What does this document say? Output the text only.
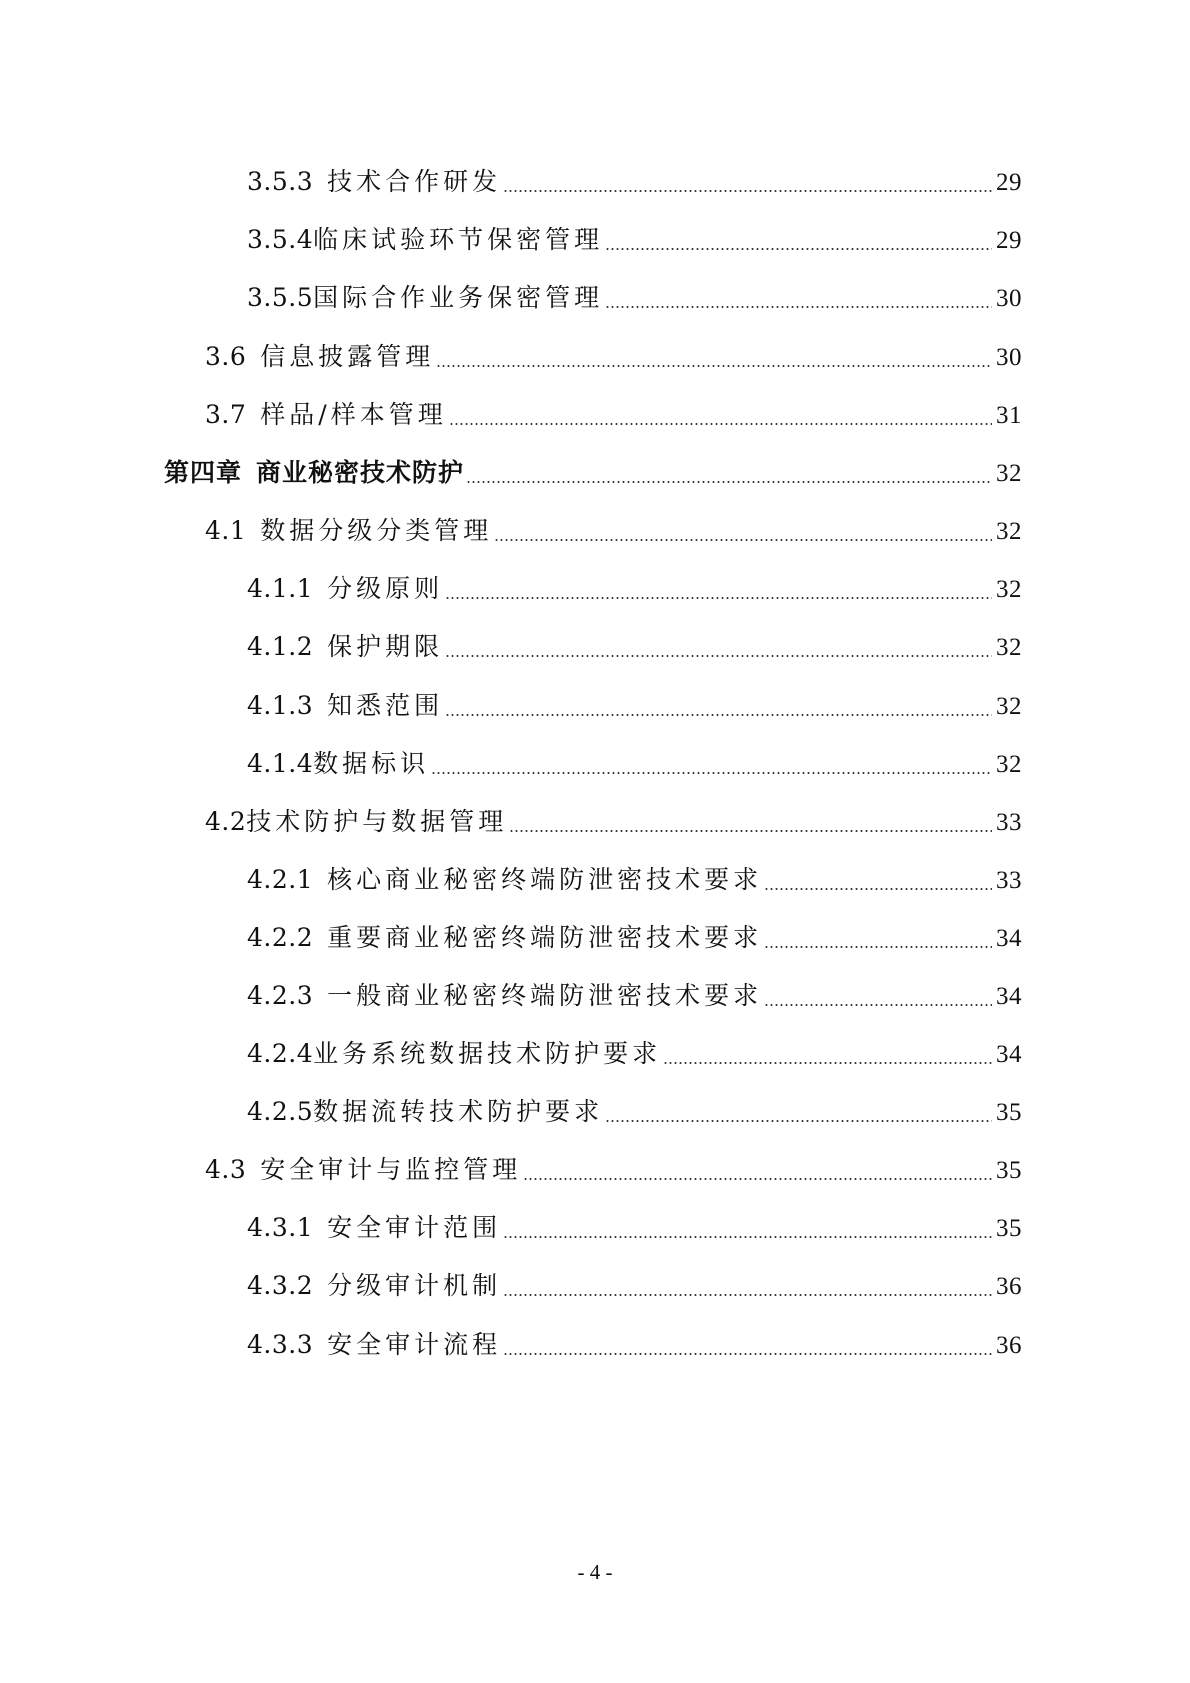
3.5.3 技术合作研发	29
3.5.4 临床试验环节保密管理	29
3.5.5 国际合作业务保密管理	30
3.6 信息披露管理	30
3.7 样品/样本管理	31
第四章 商业秘密技术防护	32
4.1 数据分级分类管理	32
4.1.1 分级原则	32
4.1.2 保护期限	32
4.1.3 知悉范围	32
4.1.4 数据标识	32
4.2 技术防护与数据管理	33
4.2.1 核心商业秘密终端防泄密技术要求	33
4.2.2 重要商业秘密终端防泄密技术要求	34
4.2.3 一般商业秘密终端防泄密技术要求	34
4.2.4 业务系统数据技术防护要求	34
4.2.5 数据流转技术防护要求	35
4.3 安全审计与监控管理	35
4.3.1 安全审计范围	35
4.3.2 分级审计机制	36
4.3.3 安全审计流程	36
- 4 -
